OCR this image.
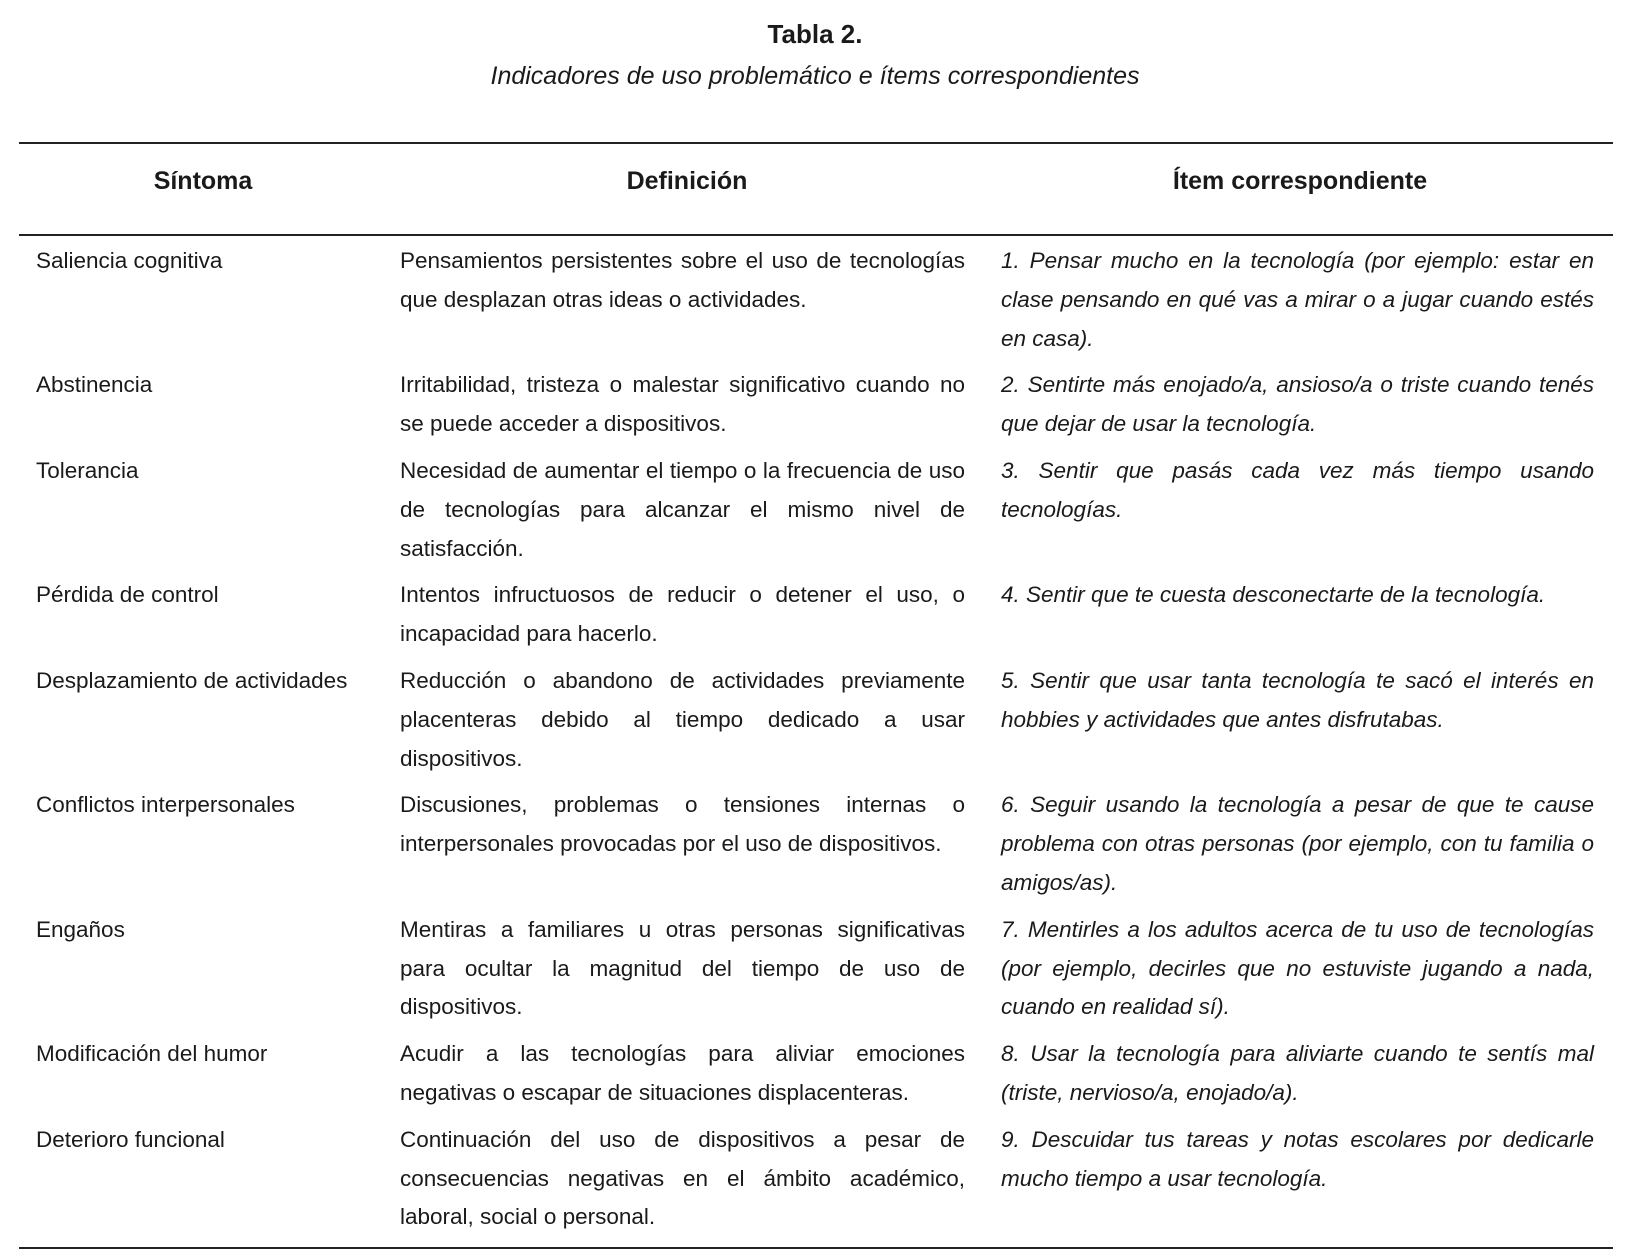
Tabla 2.
Indicadores de uso problemático e ítems correspondientes
Síntoma	Definición	Ítem correspondiente
Saliencia cognitiva	Pensamientos persistentes sobre el uso de tecnologías que desplazan otras ideas o actividades.	1. Pensar mucho en la tecnología (por ejemplo: estar en clase pensando en qué vas a mirar o a jugar cuando estés en casa).
Abstinencia	Irritabilidad, tristeza o malestar significativo cuando no se puede acceder a dispositivos.	2. Sentirte más enojado/a, ansioso/a o triste cuando tenés que dejar de usar la tecnología.
Tolerancia	Necesidad de aumentar el tiempo o la frecuencia de uso de tecnologías para alcanzar el mismo nivel de satisfacción.	3. Sentir que pasás cada vez más tiempo usando tecnologías.
Pérdida de control	Intentos infructuosos de reducir o detener el uso, o incapacidad para hacerlo.	4. Sentir que te cuesta desconectarte de la tecnología.
Desplazamiento de actividades	Reducción o abandono de actividades previamente placenteras debido al tiempo dedicado a usar dispositivos.	5. Sentir que usar tanta tecnología te sacó el interés en hobbies y actividades que antes disfrutabas.
Conflictos interpersonales	Discusiones, problemas o tensiones internas o interpersonales provocadas por el uso de dispositivos.	6. Seguir usando la tecnología a pesar de que te cause problema con otras personas (por ejemplo, con tu familia o amigos/as).
Engaños	Mentiras a familiares u otras personas significativas para ocultar la magnitud del tiempo de uso de dispositivos.	7. Mentirles a los adultos acerca de tu uso de tecnologías (por ejemplo, decirles que no estuviste jugando a nada, cuando en realidad sí).
Modificación del humor	Acudir a las tecnologías para aliviar emociones negativas o escapar de situaciones displacenteras.	8. Usar la tecnología para aliviarte cuando te sentís mal (triste, nervioso/a, enojado/a).
Deterioro funcional	Continuación del uso de dispositivos a pesar de consecuencias negativas en el ámbito académico, laboral, social o personal.	9. Descuidar tus tareas y notas escolares por dedicarle mucho tiempo a usar tecnología.
